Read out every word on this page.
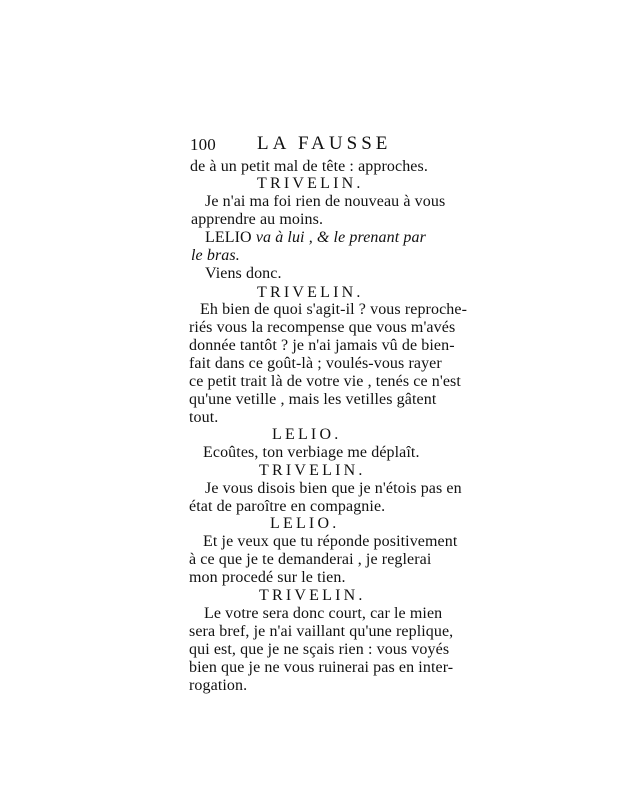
100 LA FAUSSE
de à un petit mal de tête : approches.
TRIVELIN.
Je n'ai ma foi rien de nouveau à vous
apprendre au moins.
LELIO va à lui , & le prenant par
le bras.
Viens donc.
TRIVELIN.
Eh bien de quoi s'agit-il ? vous reproche-
riés vous la recompense que vous m'avés
donnée tantôt ? je n'ai jamais vû de bien-
fait dans ce goût-là ; voulés-vous rayer
ce petit trait là de votre vie , tenés ce n'est
qu'une vetille , mais les vetilles gâtent
tout.
LELIO.
Ecoûtes, ton verbiage me déplaît.
TRIVELIN.
Je vous disois bien que je n'étois pas en
état de paroître en compagnie.
LELIO.
Et je veux que tu réponde positivement
à ce que je te demanderai , je reglerai
mon procedé sur le tien.
TRIVELIN.
Le votre sera donc court, car le mien
sera bref, je n'ai vaillant qu'une replique,
qui est, que je ne sçais rien : vous voyés
bien que je ne vous ruinerai pas en inter-
rogation.
